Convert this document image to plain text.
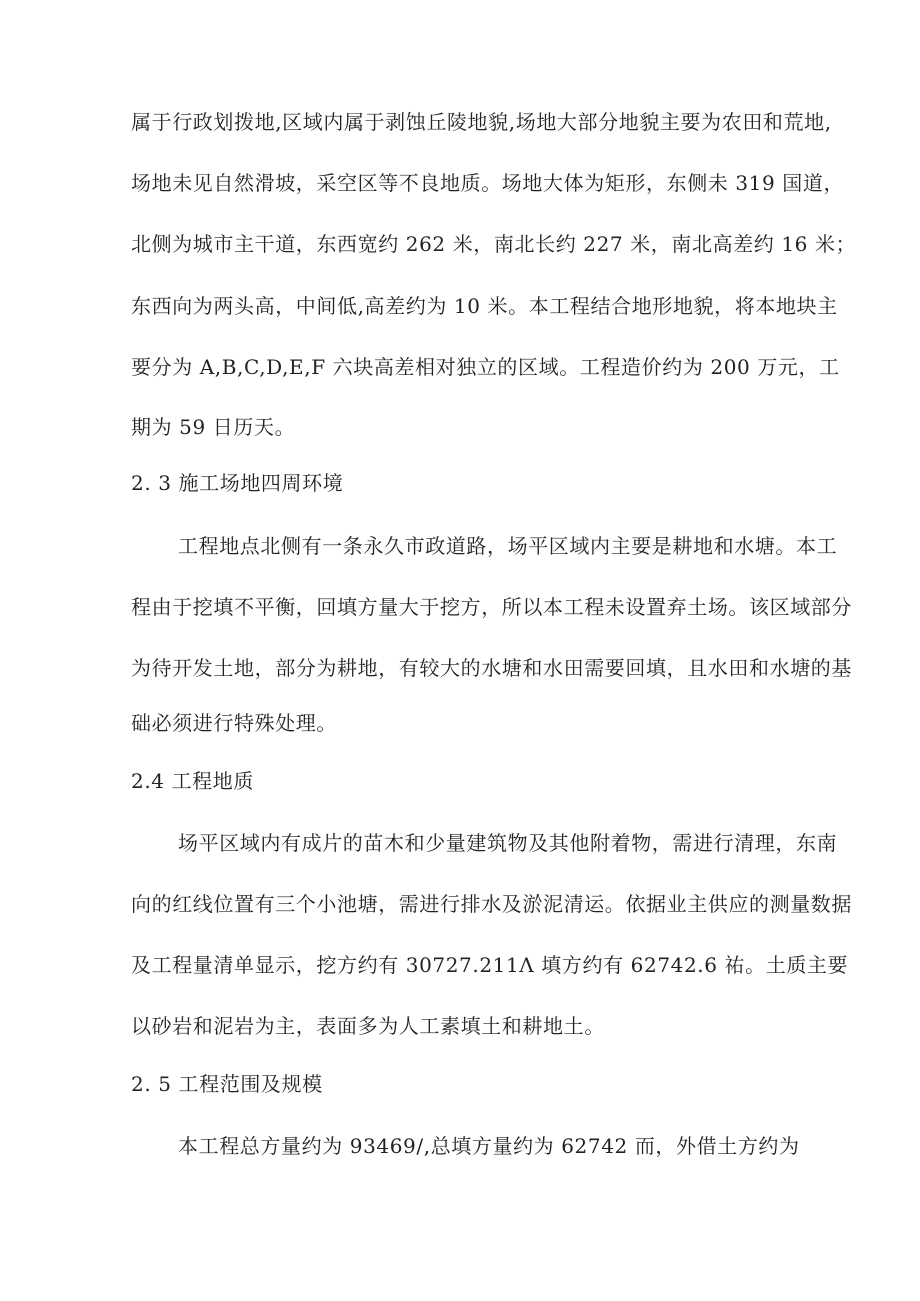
属于行政划拨地,区域内属于剥蚀丘陵地貌,场地大部分地貌主要为农田和荒地,
场地未见自然滑坡，采空区等不良地质。场地大体为矩形，东侧未 319 国道，
北侧为城市主干道，东西宽约 262 米，南北长约 227 米，南北高差约 16 米；
东西向为两头高，中间低,高差约为 10 米。本工程结合地形地貌，将本地块主
要分为 A,B,C,D,E,F 六块高差相对独立的区域。工程造价约为 200 万元，工
期为 59 日历天。
2. 3 施工场地四周环境
工程地点北侧有一条永久市政道路，场平区域内主要是耕地和水塘。本工
程由于挖填不平衡，回填方量大于挖方，所以本工程未设置弃土场。该区域部分
为待开发土地，部分为耕地，有较大的水塘和水田需要回填，且水田和水塘的基
础必须进行特殊处理。
2.4 工程地质
场平区域内有成片的苗木和少量建筑物及其他附着物，需进行清理，东南
向的红线位置有三个小池塘，需进行排水及淤泥清运。依据业主供应的测量数据
及工程量清单显示，挖方约有 30727.211Λ 填方约有 62742.6 祐。土质主要
以砂岩和泥岩为主，表面多为人工素填土和耕地土。
2. 5 工程范围及规模
本工程总方量约为 93469/,总填方量约为 62742 而，外借土方约为
